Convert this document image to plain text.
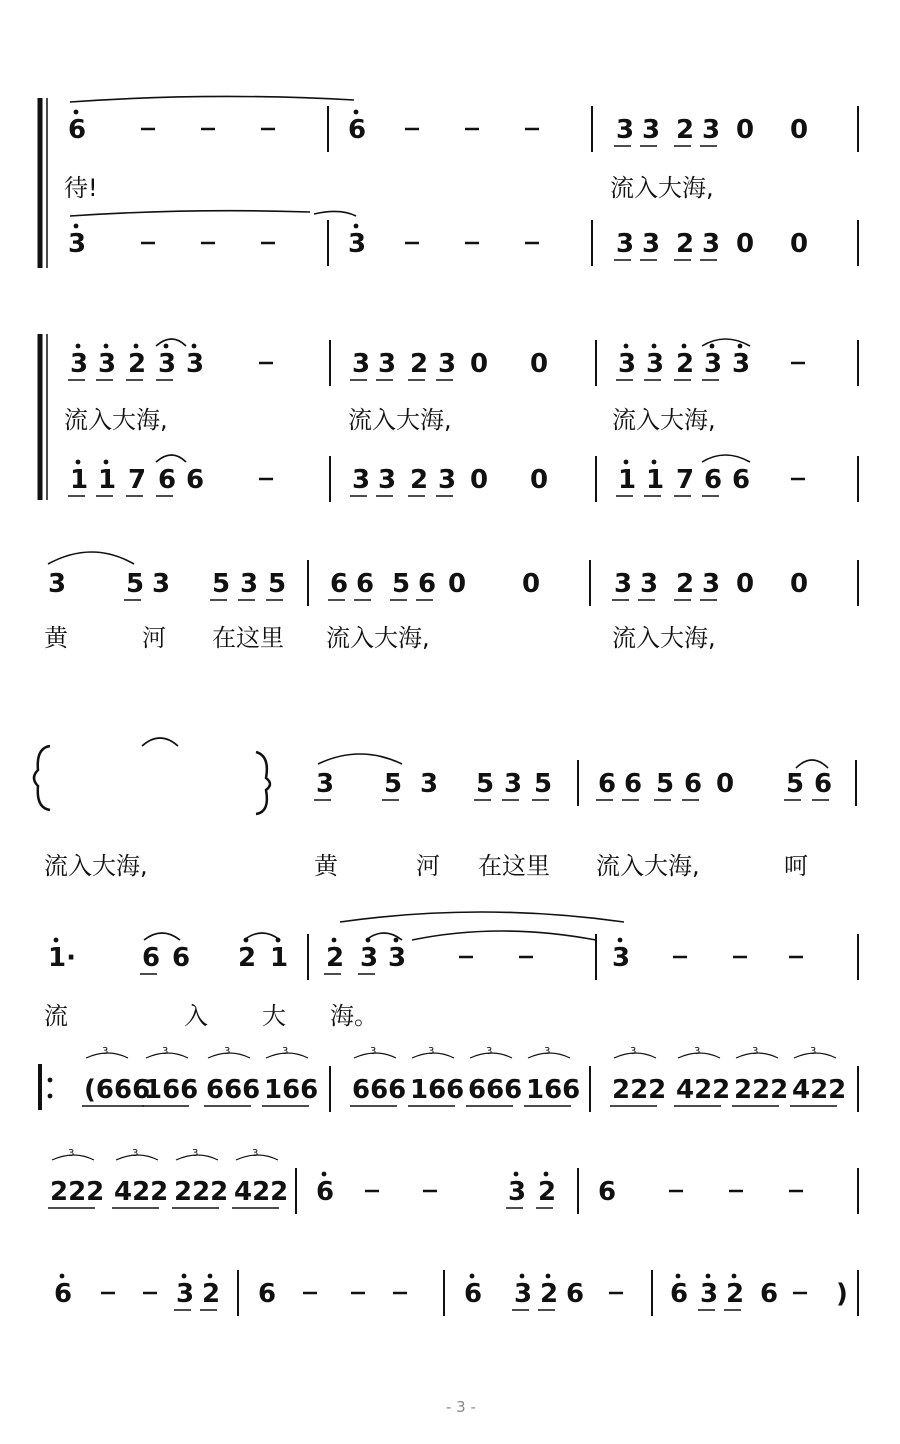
6	6	3 3 2 3 0 0
3	3	3 3 2 3 0 0
3 3 2 3 3	3 3 2 3 0 0	3 3 2 3 3
1 1 7 6 6	3 3 2 3 0 0	1 1 7 6 6
3 5 3 5 3 5 6 6 5 6 0 0	3 3 2 3 0 0
3 5 3 5 3 5 6 6 5 6 0 5 6
1·	6 6 2 1 2 3 3	3
(666
166 666 166 666 166 666 166 222 422 222 422
222 422 222 422 6	3 2 6
6	3 2 6	6 3 2 6	6 3 2 6 )
待!	流入大海,
流入大海,	流入大海,	流入大海,
黄	河 在这里 流入大海,	流入大海,
流入大海,	黄	河 在这里 流入大海,	呵
流	入 大 海。
3	3	3	3	3	3	3	3	3	3	3	3
3	3	3	3
- 3 -
